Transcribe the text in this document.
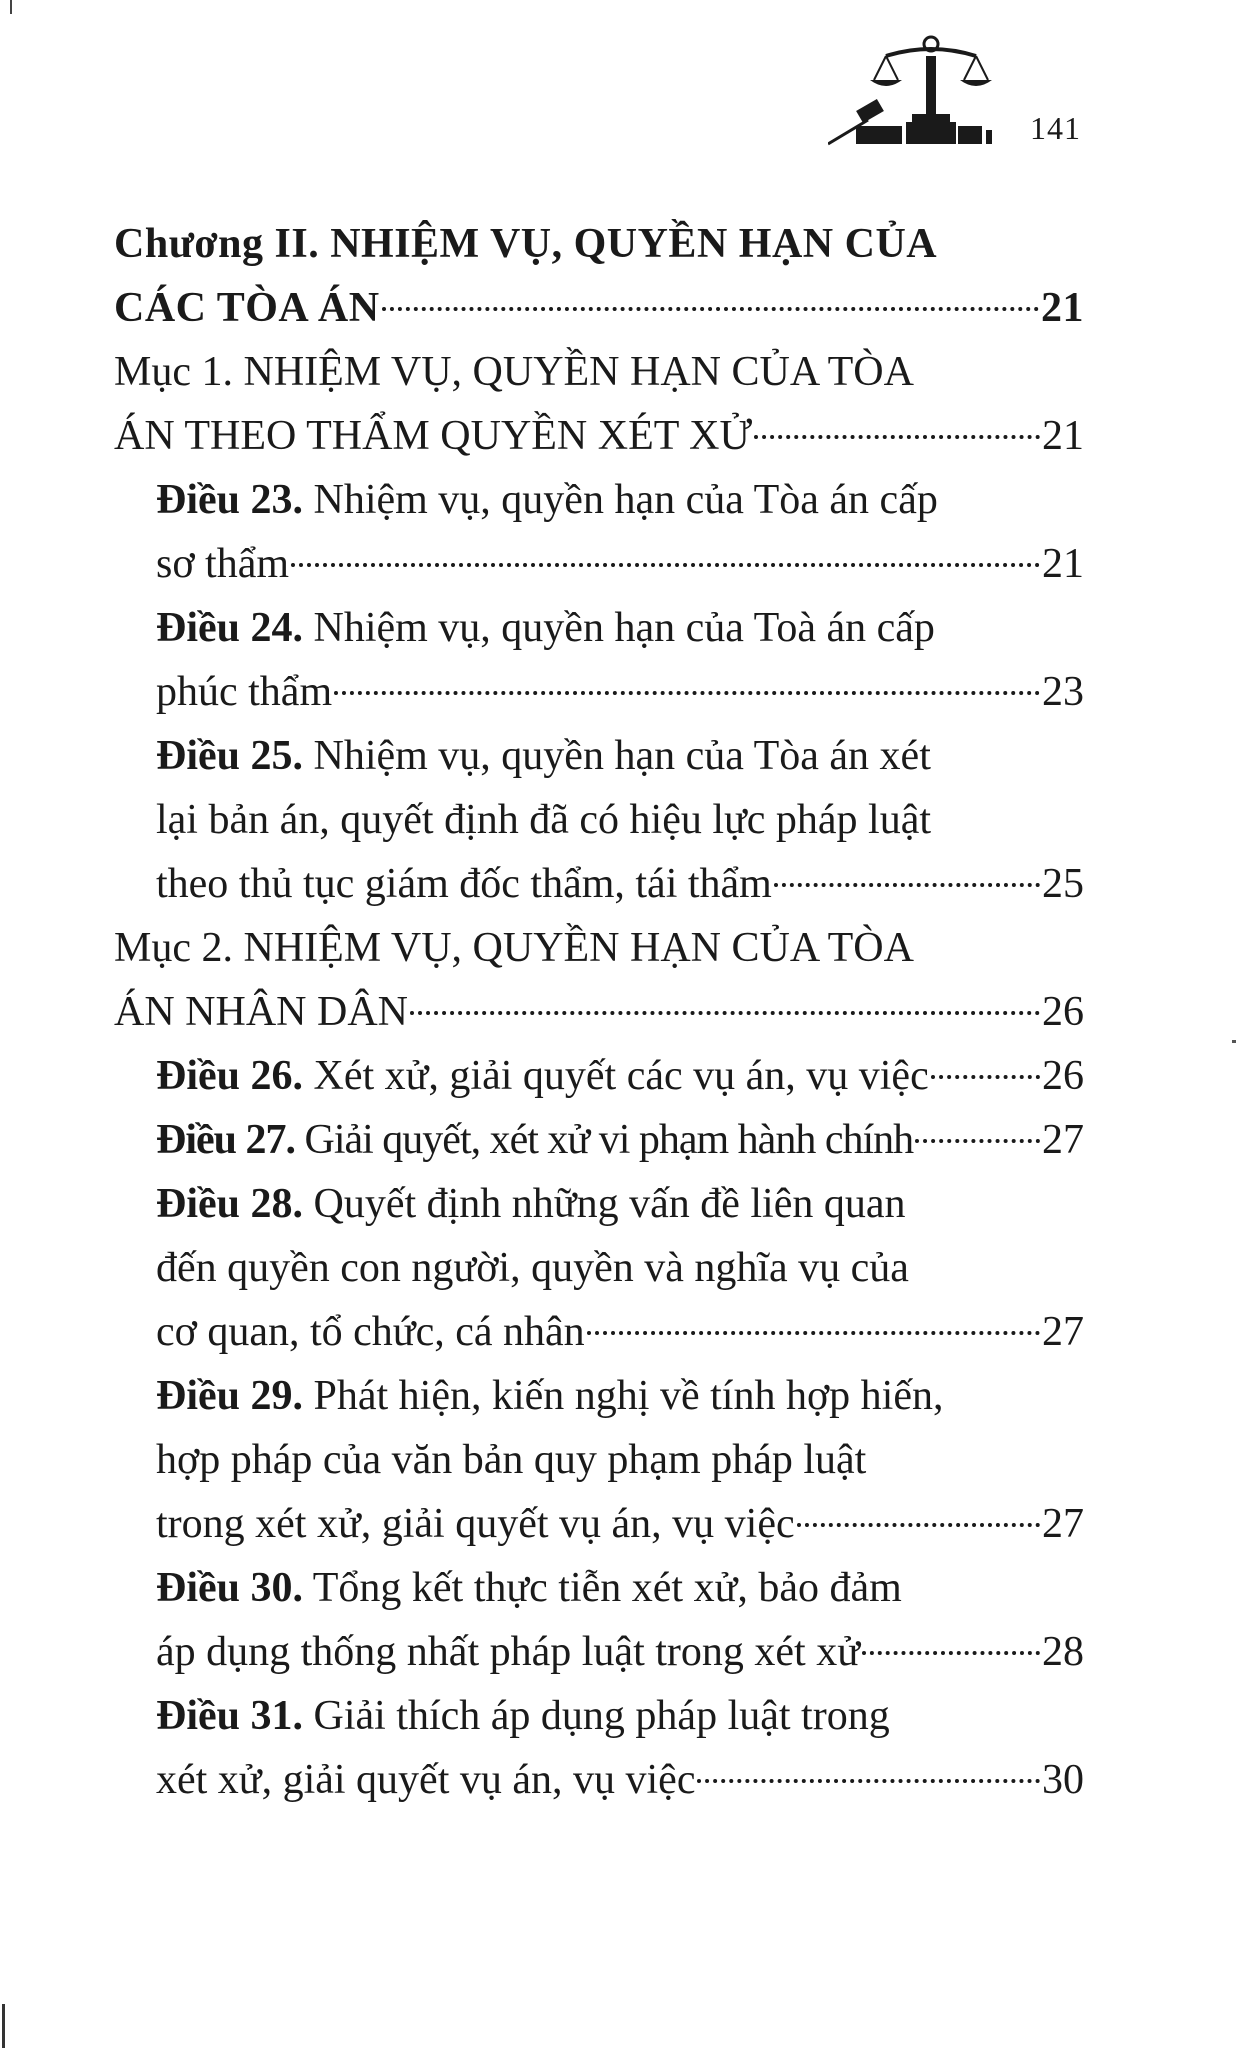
141
Chương II. NHIỆM VỤ, QUYỀN HẠN CỦA
CÁC TÒA ÁN	21
Mục 1. NHIỆM VỤ, QUYỀN HẠN CỦA TÒA
ÁN THEO THẨM QUYỀN XÉT XỬ	21
Điều 23. Nhiệm vụ, quyền hạn của Tòa án cấp
sơ thẩm	21
Điều 24. Nhiệm vụ, quyền hạn của Toà án cấp
phúc thẩm	23
Điều 25. Nhiệm vụ, quyền hạn của Tòa án xét
lại bản án, quyết định đã có hiệu lực pháp luật
theo thủ tục giám đốc thẩm, tái thẩm	25
Mục 2. NHIỆM VỤ, QUYỀN HẠN CỦA TÒA
ÁN NHÂN DÂN	26
Điều 26. Xét xử, giải quyết các vụ án, vụ việc	26
Điều 27. Giải quyết, xét xử vi phạm hành chính	27
Điều 28. Quyết định những vấn đề liên quan
đến quyền con người, quyền và nghĩa vụ của
cơ quan, tổ chức, cá nhân	27
Điều 29. Phát hiện, kiến nghị về tính hợp hiến,
hợp pháp của văn bản quy phạm pháp luật
trong xét xử, giải quyết vụ án, vụ việc	27
Điều 30. Tổng kết thực tiễn xét xử, bảo đảm
áp dụng thống nhất pháp luật trong xét xử	28
Điều 31. Giải thích áp dụng pháp luật trong
xét xử, giải quyết vụ án, vụ việc	30
